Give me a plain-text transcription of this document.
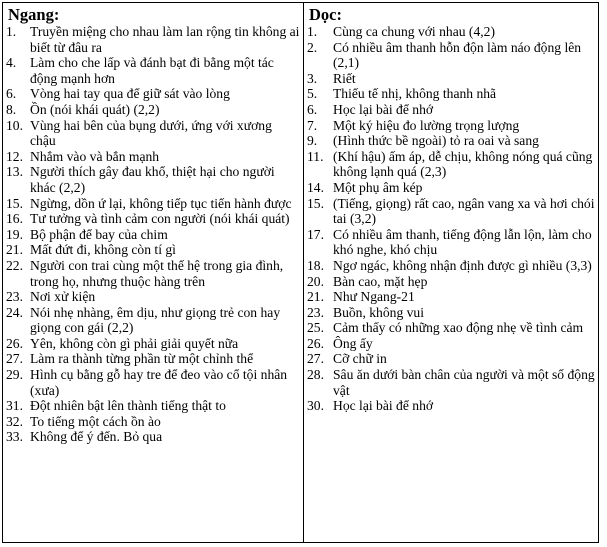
Ngang:
1.	Truyền miệng cho nhau làm lan rộng tin không ai biết từ đâu ra
4.	Làm cho che lấp và đánh bạt đi bằng một tác động mạnh hơn
6.	Vòng hai tay qua để giữ sát vào lòng
8.	Ồn (nói khái quát) (2,2)
10. Vùng hai bên của bụng dưới, ứng với xương chậu
12. Nhắm vào và bắn mạnh
13. Người thích gây đau khổ, thiệt hại cho người khác (2,2)
15. Ngừng, dồn ứ lại, không tiếp tục tiến hành được
16. Tư tưởng và tình cảm con người (nói khái quát)
19. Bộ phận để bay của chim
21. Mất đứt đi, không còn tí gì
22. Người con trai cùng một thế hệ trong gia đình, trong họ, nhưng thuộc hàng trên
23. Nơi xử kiện
24. Nói nhẹ nhàng, êm dịu, như giọng trẻ con hay giọng con gái (2,2)
26. Yên, không còn gì phải giải quyết nữa
27. Làm ra thành từng phần từ một chỉnh thể
29. Hình cụ bằng gỗ hay tre để đeo vào cổ tội nhân (xưa)
31. Đột nhiên bật lên thành tiếng thật to
32. To tiếng một cách ồn ào
33. Không để ý đến. Bỏ qua
Dọc:
1.	Cùng ca chung với nhau (4,2)
2.	Có nhiều âm thanh hỗn độn làm náo động lên (2,1)
3.	Riết
5.	Thiếu tế nhị, không thanh nhã
6.	Học lại bài để nhớ
7.	Một ký hiệu đo lường trọng lượng
9.	(Hình thức bề ngoài) tỏ ra oai và sang
11. (Khí hậu) ấm áp, dễ chịu, không nóng quá cũng không lạnh quá (2,3)
14. Một phụ âm kép
15. (Tiếng, giọng) rất cao, ngân vang xa và hơi chói tai (3,2)
17. Có nhiều âm thanh, tiếng động lẫn lộn, làm cho khó nghe, khó chịu
18. Ngơ ngác, không nhận định được gì nhiều (3,3)
20. Bàn cao, mặt hẹp
21. Như Ngang-21
23. Buồn, không vui
25. Cảm thấy có những xao động nhẹ về tình cảm
26. Ông ấy
27. Cỡ chữ in
28. Sâu ăn dưới bàn chân của người và một số động vật
30. Học lại bài để nhớ
